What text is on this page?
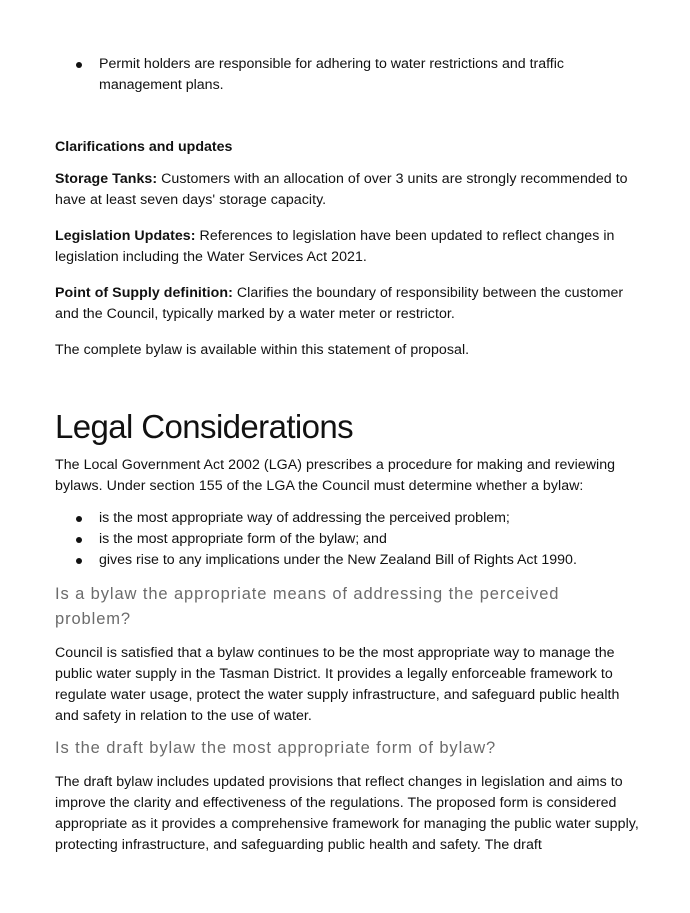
Permit holders are responsible for adhering to water restrictions and traffic management plans.

Clarifications and updates

Storage Tanks: Customers with an allocation of over 3 units are strongly recommended to have at least seven days' storage capacity.

Legislation Updates: References to legislation have been updated to reflect changes in legislation including the Water Services Act 2021.

Point of Supply definition: Clarifies the boundary of responsibility between the customer and the Council, typically marked by a water meter or restrictor.

The complete bylaw is available within this statement of proposal.

Legal Considerations

The Local Government Act 2002 (LGA) prescribes a procedure for making and reviewing bylaws. Under section 155 of the LGA the Council must determine whether a bylaw:

is the most appropriate way of addressing the perceived problem;
is the most appropriate form of the bylaw; and
gives rise to any implications under the New Zealand Bill of Rights Act 1990.
Is a bylaw the appropriate means of addressing the perceived problem?

Council is satisfied that a bylaw continues to be the most appropriate way to manage the public water supply in the Tasman District. It provides a legally enforceable framework to regulate water usage, protect the water supply infrastructure, and safeguard public health and safety in relation to the use of water.

Is the draft bylaw the most appropriate form of bylaw?

The draft bylaw includes updated provisions that reflect changes in legislation and aims to improve the clarity and effectiveness of the regulations. The proposed form is considered appropriate as it provides a comprehensive framework for managing the public water supply, protecting infrastructure, and safeguarding public health and safety. The draft
